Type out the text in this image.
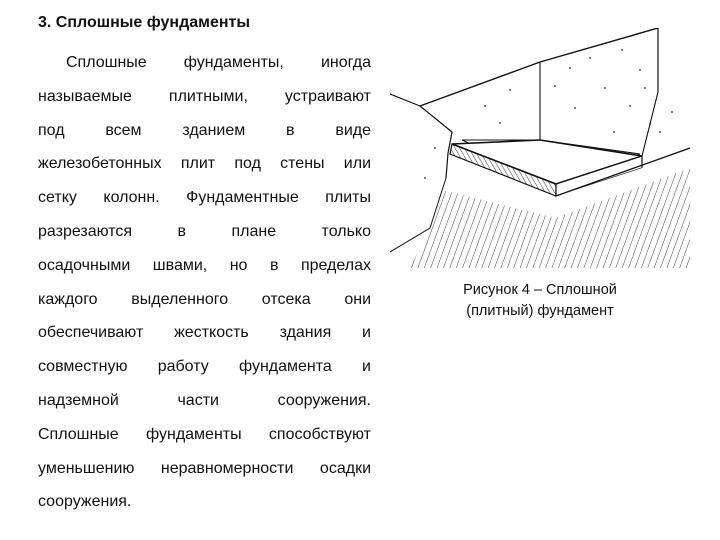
3. Сплошные фундаменты
Сплошные фундаменты, иногда
называемые плитными, устраивают
под всем зданием в виде
железобетонных плит под стены или
сетку колонн. Фундаментные плиты
разрезаются в плане только
осадочными швами, но в пределах
каждого выделенного отсека они
обеспечивают жесткость здания и
совместную работу фундамента и
надземной части сооружения.
Сплошные фундаменты способствуют
уменьшению неравномерности осадки
сооружения.
Рисунок 4 – Сплошной
(плитный) фундамент
